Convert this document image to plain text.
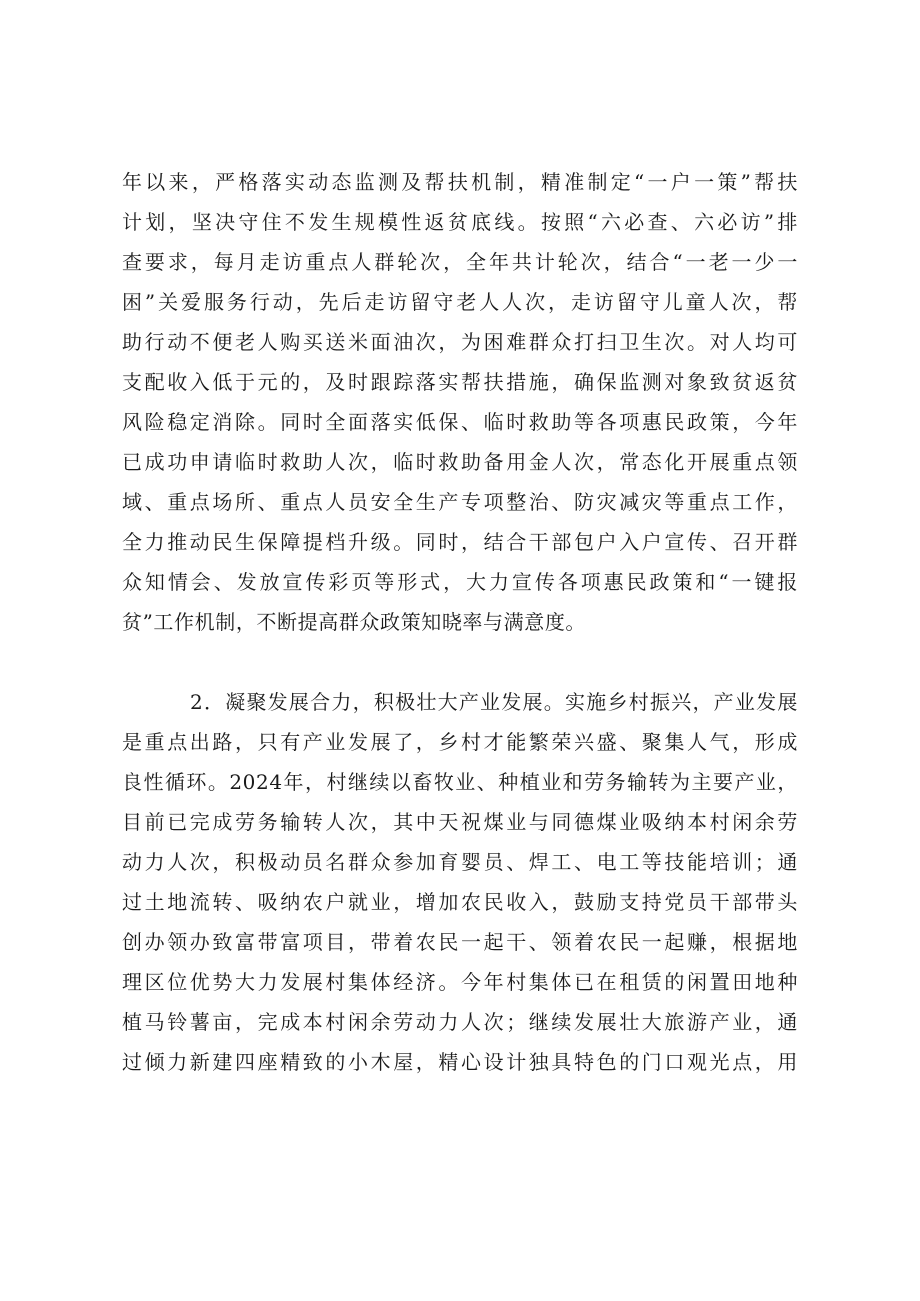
年以来，严格落实动态监测及帮扶机制，精准制定“一户一策”帮扶
计划，坚决守住不发生规模性返贫底线。按照“六必查、六必访”排
查要求，每月走访重点人群轮次，全年共计轮次，结合“一老一少一
困”关爱服务行动，先后走访留守老人人次，走访留守儿童人次，帮
助行动不便老人购买送米面油次，为困难群众打扫卫生次。对人均可
支配收入低于元的，及时跟踪落实帮扶措施，确保监测对象致贫返贫
风险稳定消除。同时全面落实低保、临时救助等各项惠民政策，今年
已成功申请临时救助人次，临时救助备用金人次，常态化开展重点领
域、重点场所、重点人员安全生产专项整治、防灾减灾等重点工作，
全力推动民生保障提档升级。同时，结合干部包户入户宣传、召开群
众知情会、发放宣传彩页等形式，大力宣传各项惠民政策和“一键报
贫”工作机制，不断提高群众政策知晓率与满意度。
2．凝聚发展合力，积极壮大产业发展。实施乡村振兴，产业发展
是重点出路，只有产业发展了，乡村才能繁荣兴盛、聚集人气，形成
良性循环。2024年，村继续以畜牧业、种植业和劳务输转为主要产业，
目前已完成劳务输转人次，其中天祝煤业与同德煤业吸纳本村闲余劳
动力人次，积极动员名群众参加育婴员、焊工、电工等技能培训；通
过土地流转、吸纳农户就业，增加农民收入，鼓励支持党员干部带头
创办领办致富带富项目，带着农民一起干、领着农民一起赚，根据地
理区位优势大力发展村集体经济。今年村集体已在租赁的闲置田地种
植马铃薯亩，完成本村闲余劳动力人次；继续发展壮大旅游产业，通
过倾力新建四座精致的小木屋，精心设计独具特色的门口观光点，用
